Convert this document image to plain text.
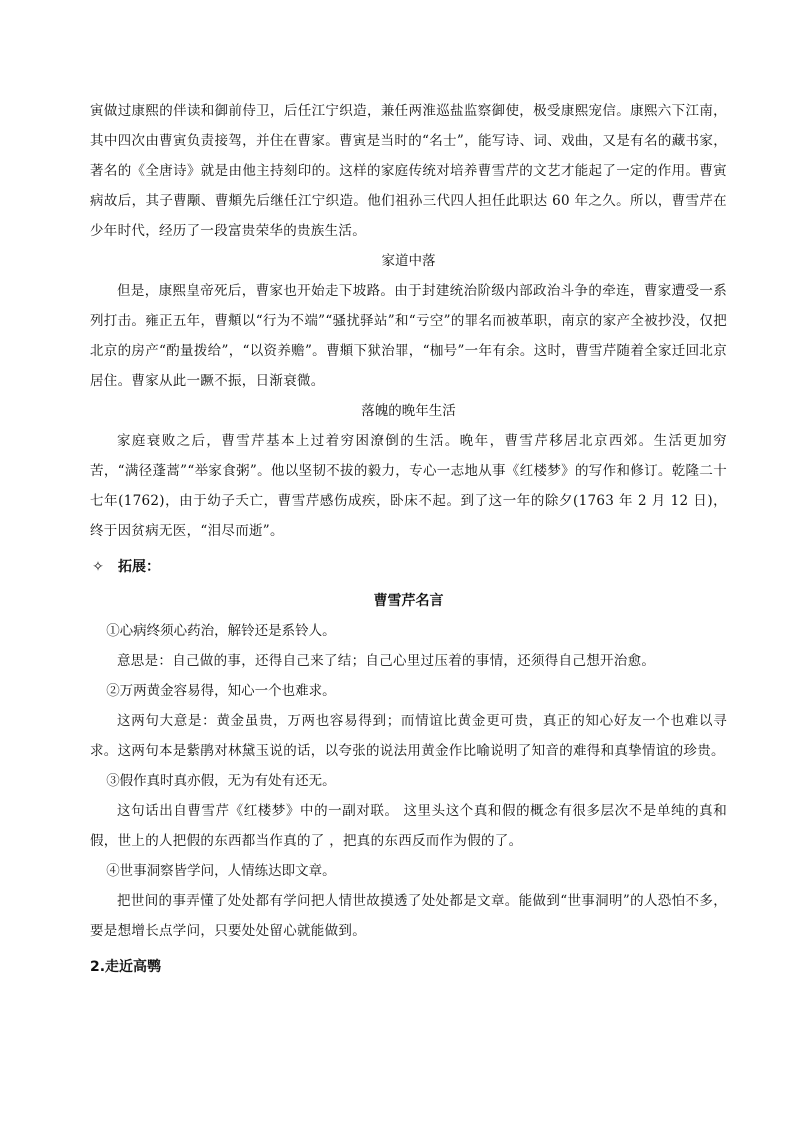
寅做过康熙的伴读和御前侍卫，后任江宁织造，兼任两淮巡盐监察御使，极受康熙宠信。康熙六下江南，其中四次由曹寅负责接驾，并住在曹家。曹寅是当时的“名士”，能写诗、词、戏曲，又是有名的藏书家，著名的《全唐诗》就是由他主持刻印的。这样的家庭传统对培养曹雪芹的文艺才能起了一定的作用。曹寅病故后，其子曹颙、曹頫先后继任江宁织造。他们祖孙三代四人担任此职达 60 年之久。所以，曹雪芹在少年时代，经历了一段富贵荣华的贵族生活。

家道中落

但是，康熙皇帝死后，曹家也开始走下坡路。由于封建统治阶级内部政治斗争的牵连，曹家遭受一系列打击。雍正五年，曹頫以“行为不端”“骚扰驿站”和“亏空”的罪名而被革职，南京的家产全被抄没，仅把北京的房产“酌量拨给”，“以资养赡”。曹頫下狱治罪，“枷号”一年有余。这时，曹雪芹随着全家迁回北京居住。曹家从此一蹶不振，日渐衰微。

落魄的晚年生活

家庭衰败之后，曹雪芹基本上过着穷困潦倒的生活。晚年，曹雪芹移居北京西郊。生活更加穷苦，“满径蓬蒿”“举家食粥”。他以坚韧不拔的毅力，专心一志地从事《红楼梦》的写作和修订。乾隆二十七年(1762)，由于幼子夭亡，曹雪芹感伤成疾，卧床不起。到了这一年的除夕(1763 年 2 月 12 日)，终于因贫病无医，“泪尽而逝”。

✧ 拓展：

曹雪芹名言

①心病终须心药治，解铃还是系铃人。

意思是：自己做的事，还得自己来了结；自己心里过压着的事情，还须得自己想开治愈。

②万两黄金容易得，知心一个也难求。

这两句大意是：黄金虽贵，万两也容易得到；而情谊比黄金更可贵，真正的知心好友一个也难以寻求。这两句本是紫鹃对林黛玉说的话，以夸张的说法用黄金作比喻说明了知音的难得和真挚情谊的珍贵。

③假作真时真亦假，无为有处有还无。

这句话出自曹雪芹《红楼梦》中的一副对联。 这里头这个真和假的概念有很多层次不是单纯的真和假，世上的人把假的东西都当作真的了 ，把真的东西反而作为假的了。

④世事洞察皆学问，人情练达即文章。

把世间的事弄懂了处处都有学问把人情世故摸透了处处都是文章。能做到“世事洞明”的人恐怕不多，要是想增长点学问，只要处处留心就能做到。

2.走近高鹗
